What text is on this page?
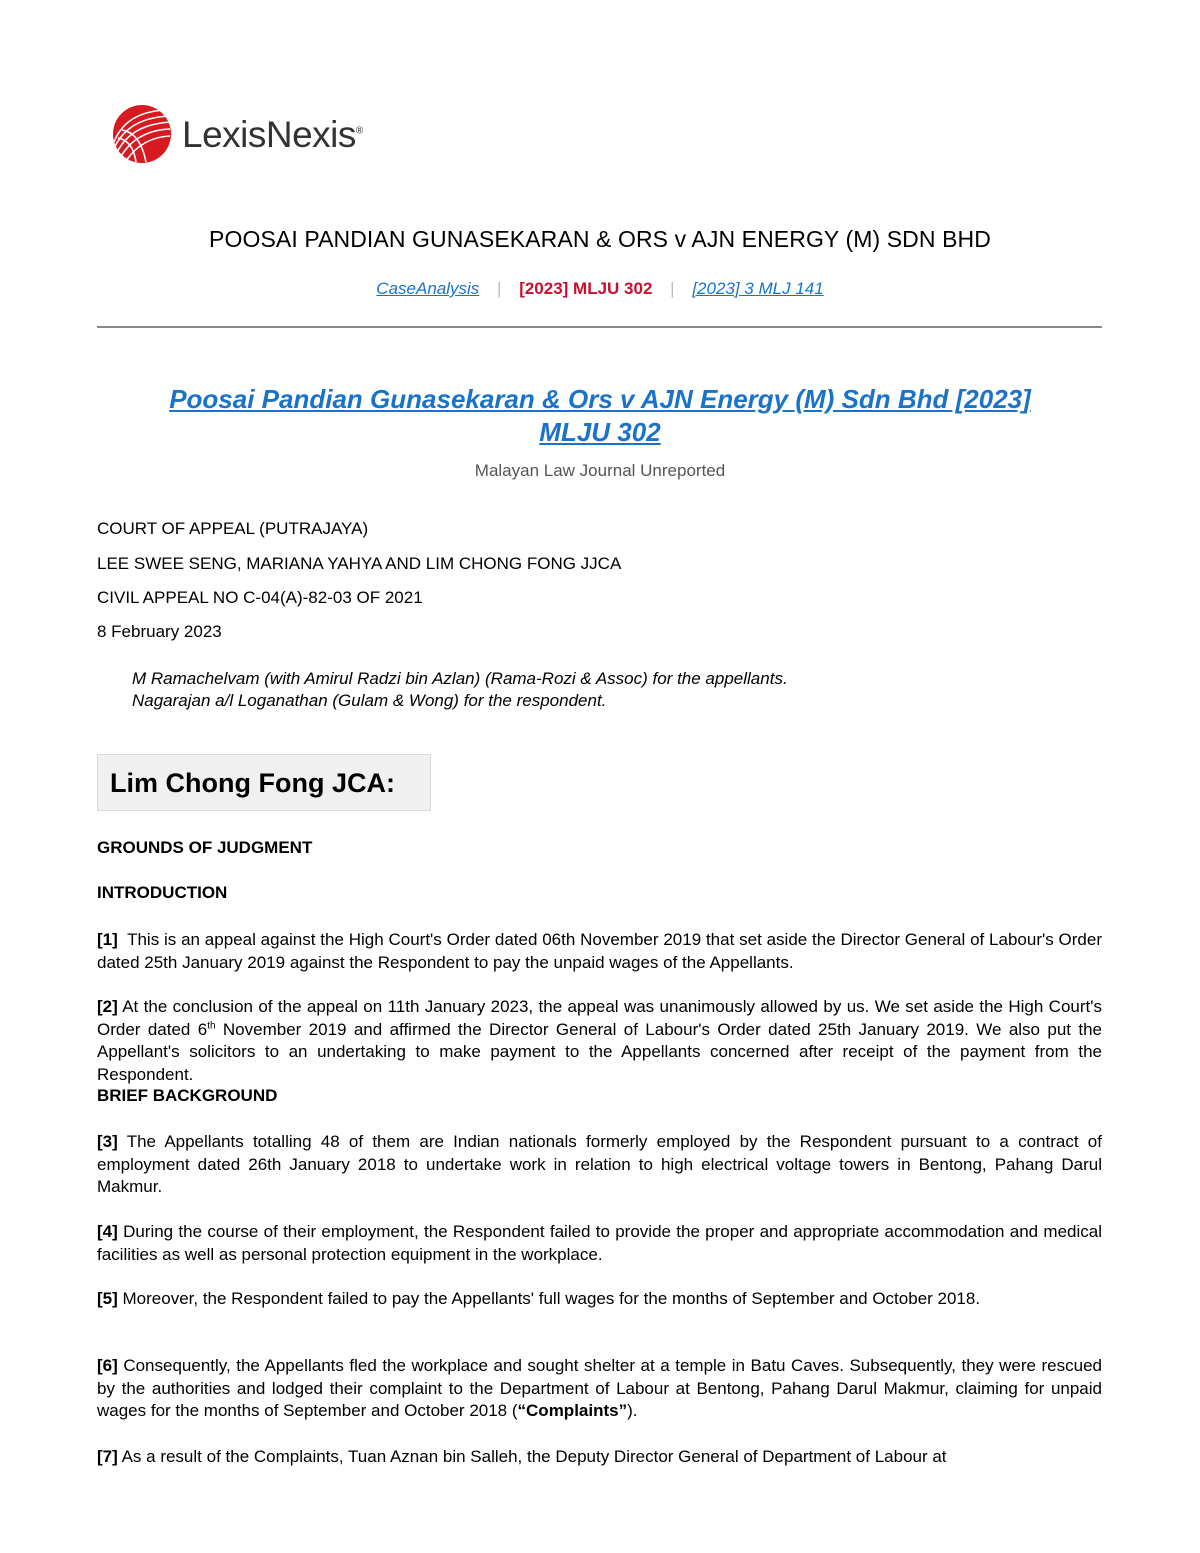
LexisNexis®
POOSAI PANDIAN GUNASEKARAN & ORS v AJN ENERGY (M) SDN BHD
CaseAnalysis | [2023] MLJU 302 | [2023] 3 MLJ 141
Poosai Pandian Gunasekaran & Ors v AJN Energy (M) Sdn Bhd [2023]
MLJU 302
Malayan Law Journal Unreported
COURT OF APPEAL (PUTRAJAYA)
LEE SWEE SENG, MARIANA YAHYA AND LIM CHONG FONG JJCA
CIVIL APPEAL NO C-04(A)-82-03 OF 2021
8 February 2023
M Ramachelvam (with Amirul Radzi bin Azlan) (Rama-Rozi & Assoc) for the appellants.
Nagarajan a/l Loganathan (Gulam & Wong) for the respondent.
Lim Chong Fong JCA:
GROUNDS OF JUDGMENT
INTRODUCTION
[1] This is an appeal against the High Court's Order dated 06th November 2019 that set aside the Director General of Labour's Order dated 25th January 2019 against the Respondent to pay the unpaid wages of the Appellants.
[2] At the conclusion of the appeal on 11th January 2023, the appeal was unanimously allowed by us. We set aside the High Court's Order dated 6th November 2019 and affirmed the Director General of Labour's Order dated 25th January 2019. We also put the Appellant's solicitors to an undertaking to make payment to the Appellants concerned after receipt of the payment from the Respondent.
BRIEF BACKGROUND
[3] The Appellants totalling 48 of them are Indian nationals formerly employed by the Respondent pursuant to a contract of employment dated 26th January 2018 to undertake work in relation to high electrical voltage towers in Bentong, Pahang Darul Makmur.
[4] During the course of their employment, the Respondent failed to provide the proper and appropriate accommodation and medical facilities as well as personal protection equipment in the workplace.
[5] Moreover, the Respondent failed to pay the Appellants' full wages for the months of September and October 2018.
[6] Consequently, the Appellants fled the workplace and sought shelter at a temple in Batu Caves. Subsequently, they were rescued by the authorities and lodged their complaint to the Department of Labour at Bentong, Pahang Darul Makmur, claiming for unpaid wages for the months of September and October 2018 (“Complaints”).
[7] As a result of the Complaints, Tuan Aznan bin Salleh, the Deputy Director General of Department of Labour at
